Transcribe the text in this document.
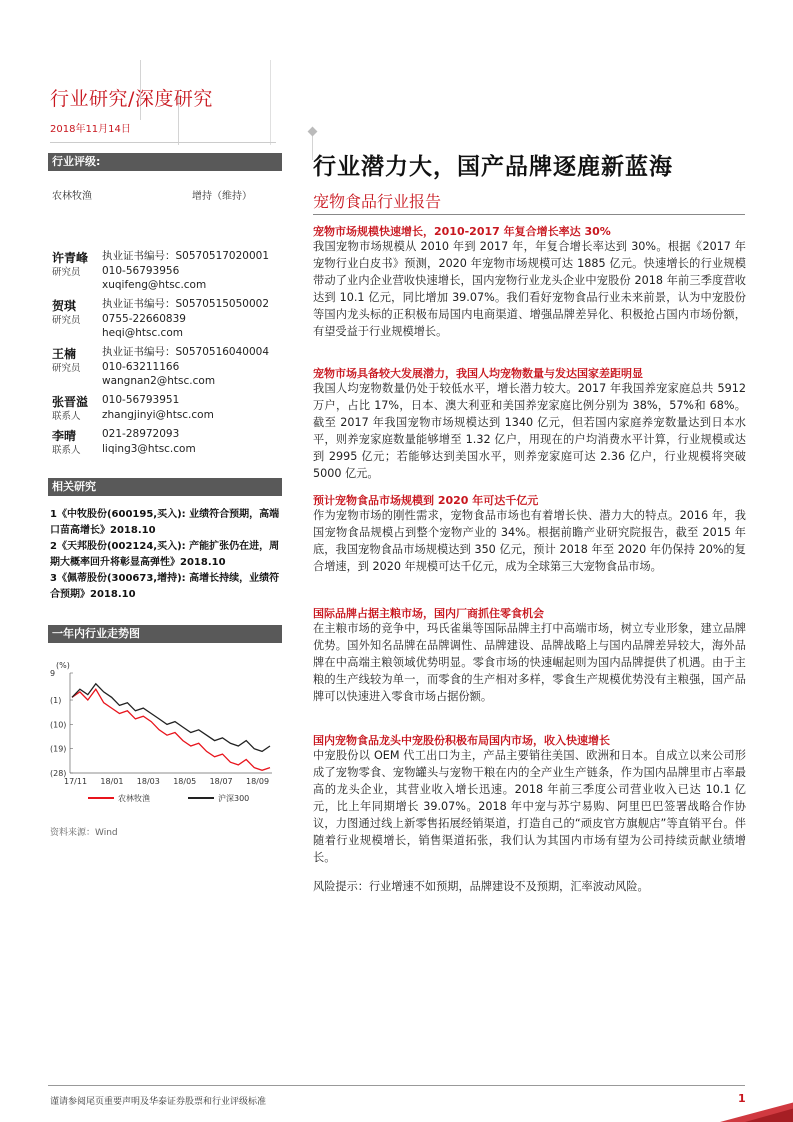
行业研究/深度研究
2018年11月14日
行业评级:
农林牧渔	增持（维持）
许青峰
研究员
执业证书编号：S0570517020001
010-56793956
xuqifeng@htsc.com
贺琪
研究员
执业证书编号：S0570515050002
0755-22660839
heqi@htsc.com
王楠
研究员
执业证书编号：S0570516040004
010-63211166
wangnan2@htsc.com
张晋溢
联系人
010-56793951
zhangjinyi@htsc.com
李晴
联系人
021-28972093
liqing3@htsc.com
相关研究
1《中牧股份(600195,买入): 业绩符合预期，高端口苗高增长》2018.10
2《天邦股份(002124,买入): 产能扩张仍在进，周期大概率回升将彰显高弹性》2018.10
3《佩蒂股份(300673,增持): 高增长持续，业绩符合预期》2018.10
一年内行业走势图
(%)
9
(1)
(10)
(19)
(28)
17/11 18/01 18/03 18/05 18/07 18/09
农林牧渔	沪深300
资料来源：Wind
行业潜力大，国产品牌逐鹿新蓝海
宠物食品行业报告
宠物市场规模快速增长，2010-2017 年复合增长率达 30%
我国宠物市场规模从 2010 年到 2017 年，年复合增长率达到 30%。根据《2017 年宠物行业白皮书》预测，2020 年宠物市场规模可达 1885 亿元。快速增长的行业规模带动了业内企业营收快速增长，国内宠物行业龙头企业中宠股份 2018 年前三季度营收达到 10.1 亿元，同比增加 39.07%。我们看好宠物食品行业未来前景，认为中宠股份等国内龙头标的正积极布局国内电商渠道、增强品牌差异化、积极抢占国内市场份额，有望受益于行业规模增长。
宠物市场具备较大发展潜力，我国人均宠物数量与发达国家差距明显
我国人均宠物数量仍处于较低水平，增长潜力较大。2017 年我国养宠家庭总共 5912 万户，占比 17%，日本、澳大利亚和美国养宠家庭比例分别为 38%，57%和 68%。截至 2017 年我国宠物市场规模达到 1340 亿元，但若国内家庭养宠数量达到日本水平，则养宠家庭数量能够增至 1.32 亿户，用现在的户均消费水平计算，行业规模或达到 2995 亿元；若能够达到美国水平，则养宠家庭可达 2.36 亿户，行业规模将突破 5000 亿元。
预计宠物食品市场规模到 2020 年可达千亿元
作为宠物市场的刚性需求，宠物食品市场也有着增长快、潜力大的特点。2016 年，我国宠物食品规模占到整个宠物产业的 34%。根据前瞻产业研究院报告，截至 2015 年底，我国宠物食品市场规模达到 350 亿元，预计 2018 年至 2020 年仍保持 20%的复合增速，到 2020 年规模可达千亿元，成为全球第三大宠物食品市场。
国际品牌占据主粮市场，国内厂商抓住零食机会
在主粮市场的竞争中，玛氏雀巢等国际品牌主打中高端市场，树立专业形象，建立品牌优势。国外知名品牌在品牌调性、品牌建设、品牌战略上与国内品牌差异较大，海外品牌在中高端主粮领域优势明显。零食市场的快速崛起则为国内品牌提供了机遇。由于主粮的生产线较为单一，而零食的生产相对多样，零食生产规模优势没有主粮强，国产品牌可以快速进入零食市场占据份额。
国内宠物食品龙头中宠股份积极布局国内市场，收入快速增长
中宠股份以 OEM 代工出口为主，产品主要销往美国、欧洲和日本。自成立以来公司形成了宠物零食、宠物罐头与宠物干粮在内的全产业生产链条，作为国内品牌里市占率最高的龙头企业，其营业收入增长迅速。2018 年前三季度公司营业收入已达 10.1 亿元，比上年同期增长 39.07%。2018 年中宠与苏宁易购、阿里巴巴签署战略合作协议，力图通过线上新零售拓展经销渠道，打造自己的“顽皮官方旗舰店”等直销平台。伴随着行业规模增长，销售渠道拓张，我们认为其国内市场有望为公司持续贡献业绩增长。
风险提示：行业增速不如预期，品牌建设不及预期，汇率波动风险。
谨请参阅尾页重要声明及华泰证券股票和行业评级标准	1
